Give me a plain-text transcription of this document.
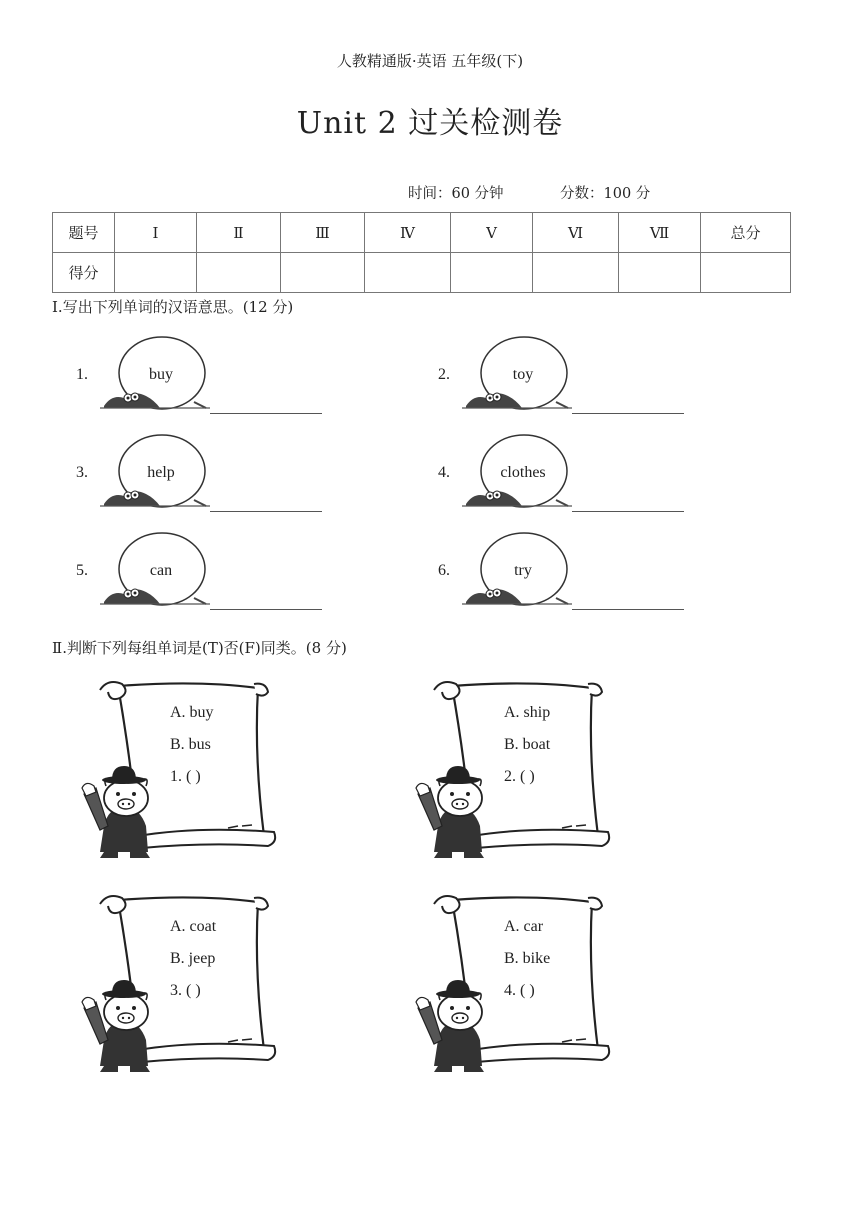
人教精通版·英语 五年级(下)
Unit 2 过关检测卷
时间：60 分钟	分数：100 分
题号	Ⅰ	Ⅱ	Ⅲ	Ⅳ	Ⅴ	Ⅵ	Ⅶ	总分
得分								
Ⅰ.写出下列单词的汉语意思。(12 分)
1.	buy	2.	toy
3.	help	4.	clothes
5.	can	6.	try
Ⅱ.判断下列每组单词是(T)否(F)同类。(8 分)
A. buy
B. bus
1. ( )
A. ship
B. boat
2. ( )
A. coat
B. jeep
3. ( )
A. car
B. bike
4. ( )
